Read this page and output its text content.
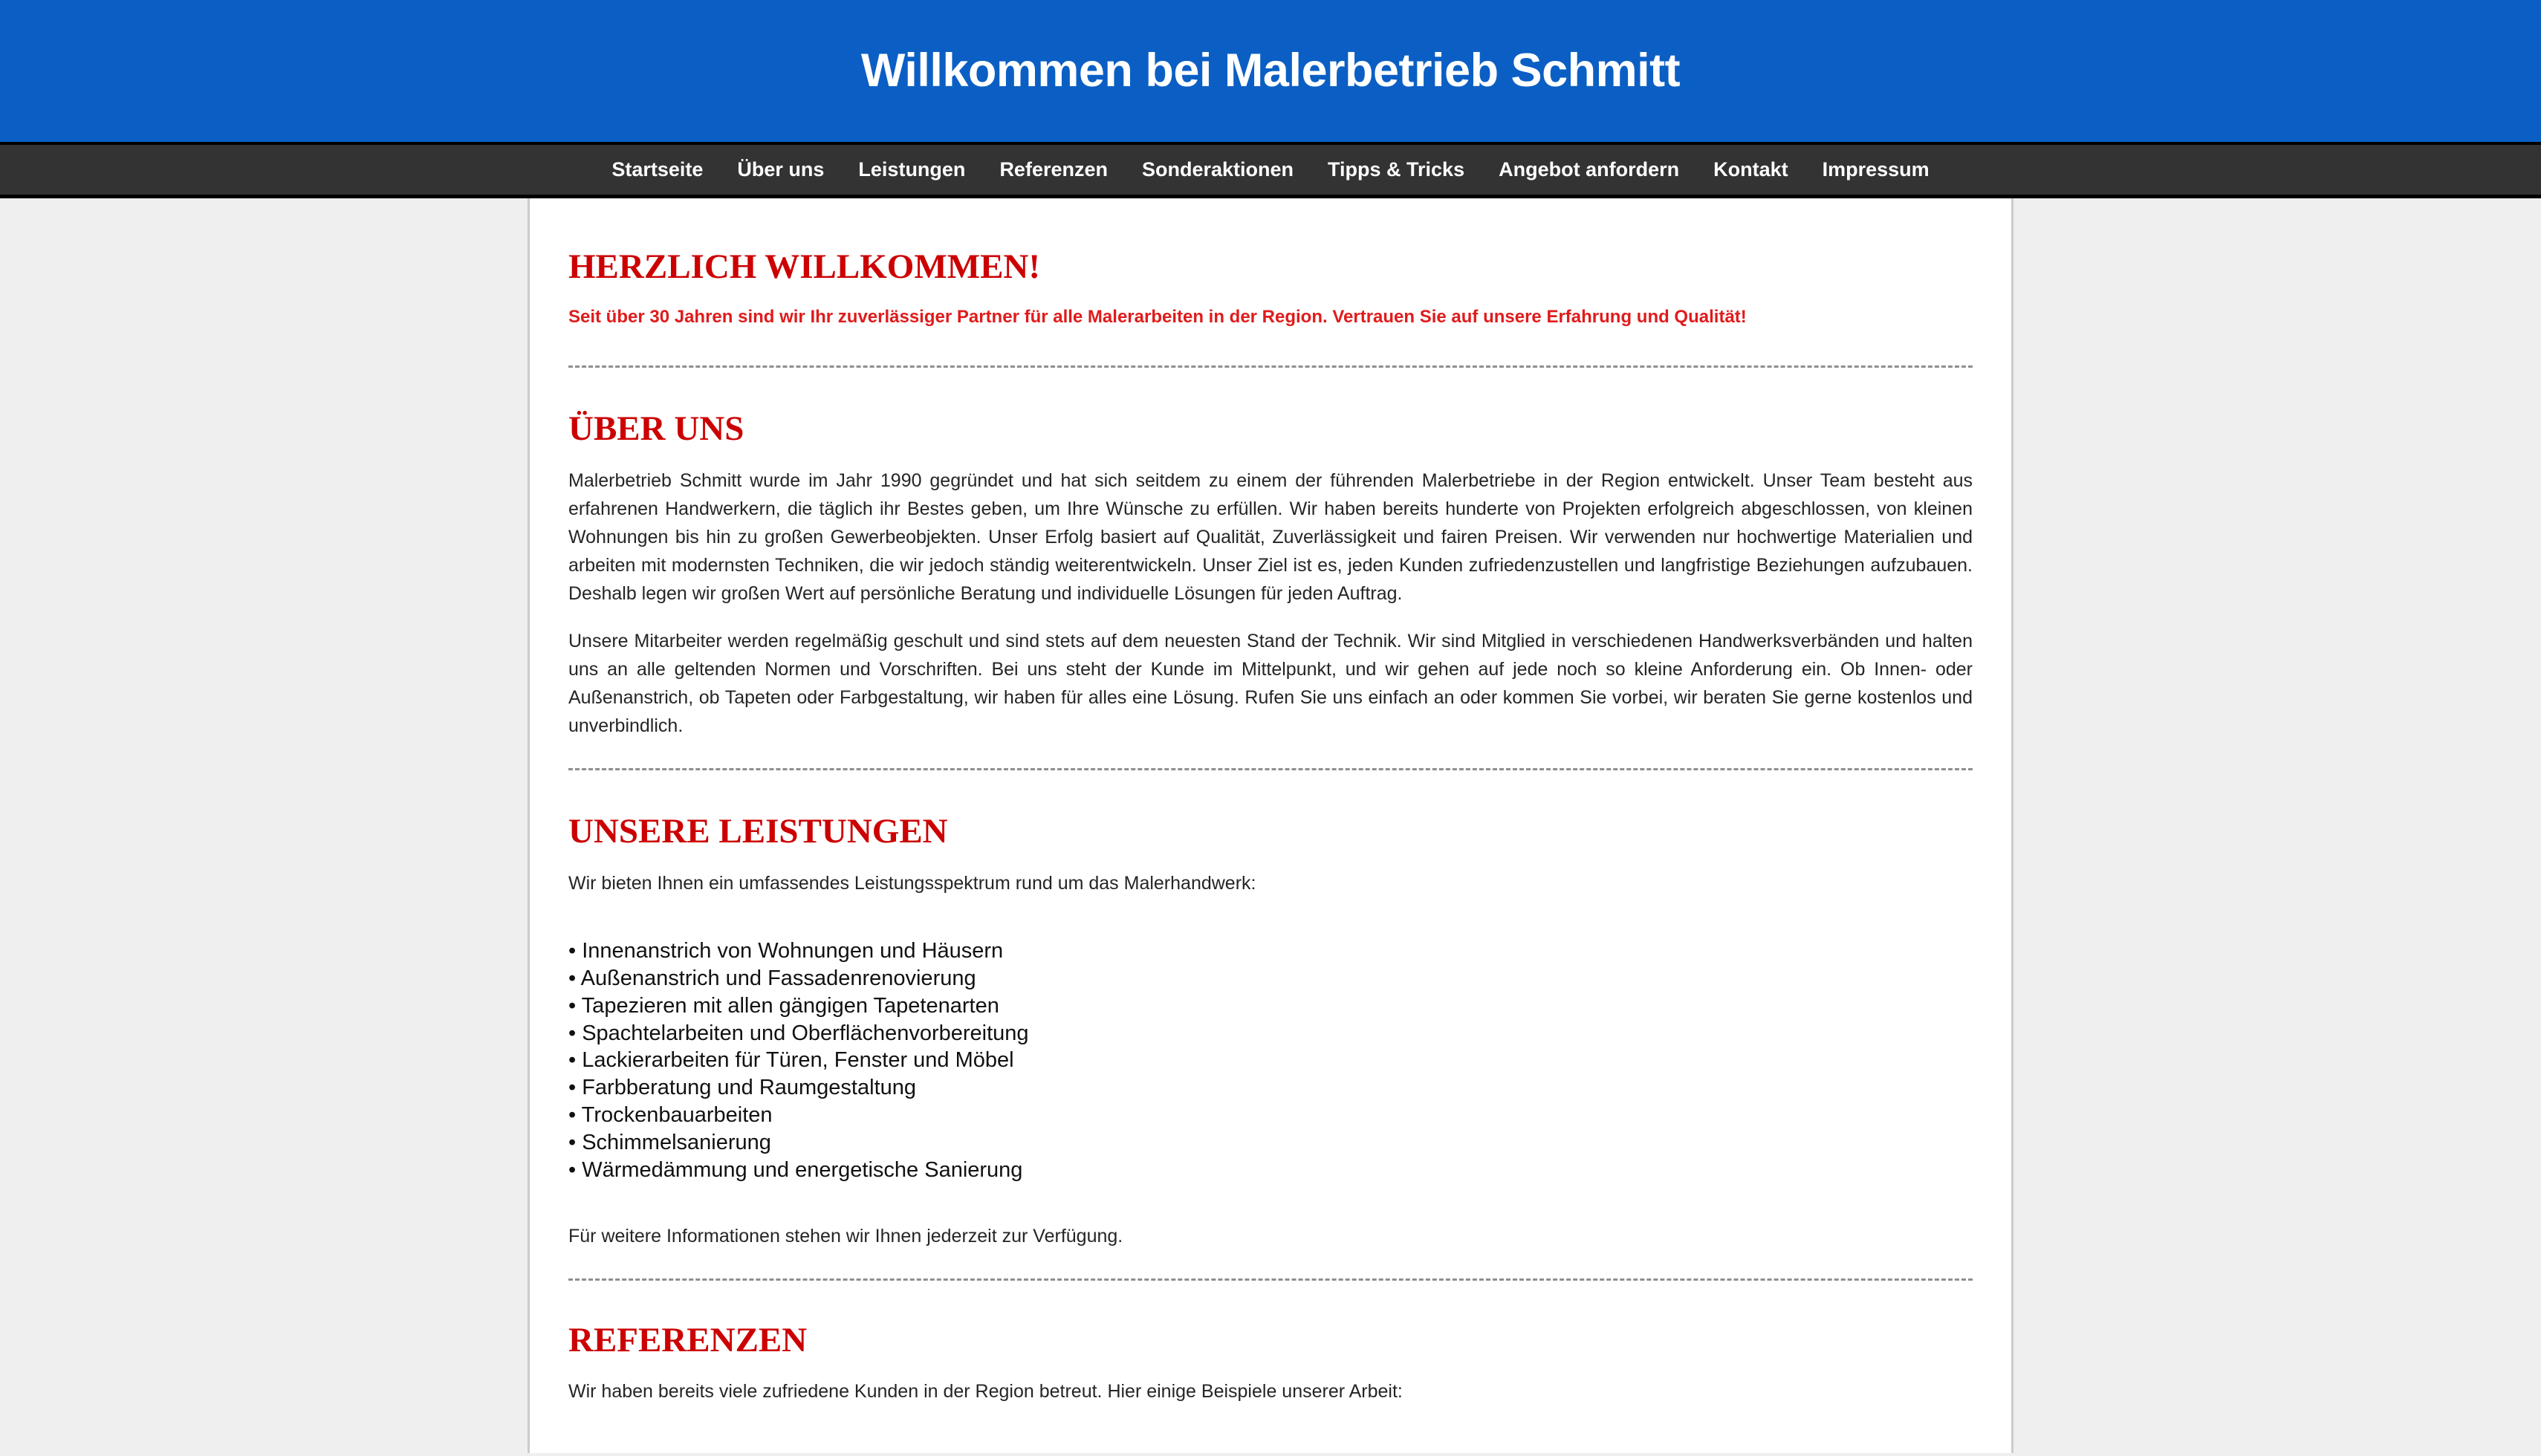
Willkommen bei Malerbetrieb Schmitt
Startseite	Über uns	Leistungen	Referenzen	Sonderaktionen	Tipps & Tricks	Angebot anfordern	Kontakt	Impressum
HERZLICH WILLKOMMEN!

Seit über 30 Jahren sind wir Ihr zuverlässiger Partner für alle Malerarbeiten in der Region. Vertrauen Sie auf unsere Erfahrung und Qualität!

ÜBER UNS

Malerbetrieb Schmitt wurde im Jahr 1990 gegründet und hat sich seitdem zu einem der führenden Malerbetriebe in der Region entwickelt. Unser Team besteht aus erfahrenen Handwerkern, die täglich ihr Bestes geben, um Ihre Wünsche zu erfüllen. Wir haben bereits hunderte von Projekten erfolgreich abgeschlossen, von kleinen Wohnungen bis hin zu großen Gewerbeobjekten. Unser Erfolg basiert auf Qualität, Zuverlässigkeit und fairen Preisen. Wir verwenden nur hochwertige Materialien und arbeiten mit modernsten Techniken, die wir jedoch ständig weiterentwickeln. Unser Ziel ist es, jeden Kunden zufriedenzustellen und langfristige Beziehungen aufzubauen. Deshalb legen wir großen Wert auf persönliche Beratung und individuelle Lösungen für jeden Auftrag.

Unsere Mitarbeiter werden regelmäßig geschult und sind stets auf dem neuesten Stand der Technik. Wir sind Mitglied in verschiedenen Handwerksverbänden und halten uns an alle geltenden Normen und Vorschriften. Bei uns steht der Kunde im Mittelpunkt, und wir gehen auf jede noch so kleine Anforderung ein. Ob Innen- oder Außenanstrich, ob Tapeten oder Farbgestaltung, wir haben für alles eine Lösung. Rufen Sie uns einfach an oder kommen Sie vorbei, wir beraten Sie gerne kostenlos und unverbindlich.

UNSERE LEISTUNGEN

Wir bieten Ihnen ein umfassendes Leistungsspektrum rund um das Malerhandwerk:

• Innenanstrich von Wohnungen und Häusern
• Außenanstrich und Fassadenrenovierung
• Tapezieren mit allen gängigen Tapetenarten
• Spachtelarbeiten und Oberflächenvorbereitung
• Lackierarbeiten für Türen, Fenster und Möbel
• Farbberatung und Raumgestaltung
• Trockenbauarbeiten
• Schimmelsanierung
• Wärmedämmung und energetische Sanierung

Für weitere Informationen stehen wir Ihnen jederzeit zur Verfügung.

REFERENZEN

Wir haben bereits viele zufriedene Kunden in der Region betreut. Hier einige Beispiele unserer Arbeit:
